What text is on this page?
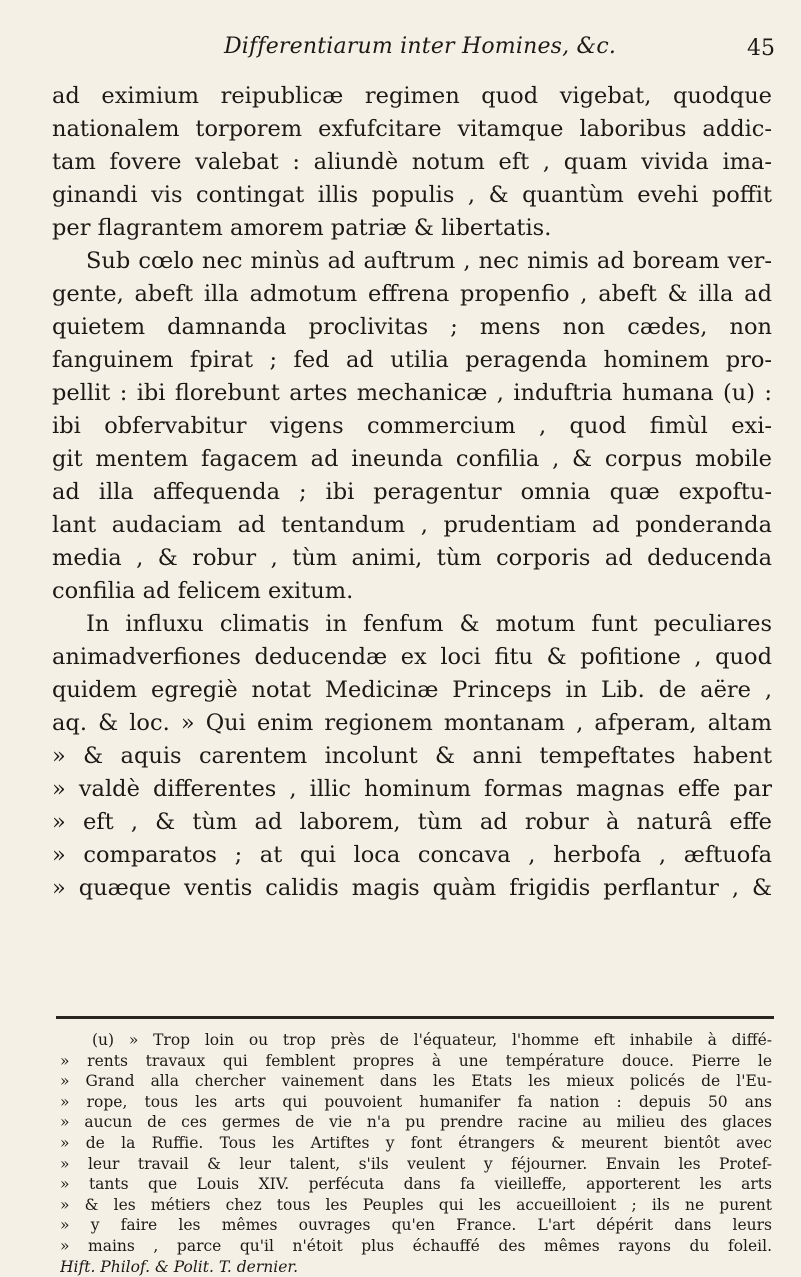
Differentiarum inter Homines, &c.	45
ad eximium reipublicæ regimen quod vigebat, quodque
nationalem torporem exfufcitare vitamque laboribus addic-
tam fovere valebat : aliundè notum eft , quam vivida ima-
ginandi vis contingat illis populis , & quantùm evehi poffit
per flagrantem amorem patriæ & libertatis.
Sub cœlo nec minùs ad auftrum , nec nimis ad boream ver-
gente, abeft illa admotum effrena propenfio , abeft & illa ad
quietem damnanda proclivitas ; mens non cædes, non
fanguinem fpirat ; fed ad utilia peragenda hominem pro-
pellit : ibi florebunt artes mechanicæ , induftria humana (u) :
ibi obfervabitur vigens commercium , quod fimùl exi-
git mentem fagacem ad ineunda confilia , & corpus mobile
ad illa affequenda ; ibi peragentur omnia quæ expoftu-
lant audaciam ad tentandum , prudentiam ad ponderanda
media , & robur , tùm animi, tùm corporis ad deducenda
confilia ad felicem exitum.
In influxu climatis in fenfum & motum funt peculiares
animadverfiones deducendæ ex loci fitu & pofitione , quod
quidem egregiè notat Medicinæ Princeps in Lib. de aëre ,
aq. & loc. » Qui enim regionem montanam , afperam, altam
» & aquis carentem incolunt & anni tempeftates habent
» valdè differentes , illic hominum formas magnas effe par
» eft , & tùm ad laborem, tùm ad robur à naturâ effe
» comparatos ; at qui loca concava , herbofa , æftuofa
» quæque ventis calidis magis quàm frigidis perflantur , &
(u) » Trop loin ou trop près de l'équateur, l'homme eft inhabile à diffé-
» rents travaux qui femblent propres à une température douce. Pierre le
» Grand alla chercher vainement dans les Etats les mieux policés de l'Eu-
» rope, tous les arts qui pouvoient humanifer fa nation : depuis 50 ans
» aucun de ces germes de vie n'a pu prendre racine au milieu des glaces
» de la Ruffie. Tous les Artiftes y font étrangers & meurent bientôt avec
» leur travail & leur talent, s'ils veulent y féjourner. Envain les Protef-
» tants que Louis XIV. perfécuta dans fa vieilleffe, apporterent les arts
» & les métiers chez tous les Peuples qui les accueilloient ; ils ne purent
» y faire les mêmes ouvrages qu'en France. L'art dépérit dans leurs
» mains , parce qu'il n'étoit plus échauffé des mêmes rayons du foleil.
Hift. Philof. & Polit. T. dernier.
